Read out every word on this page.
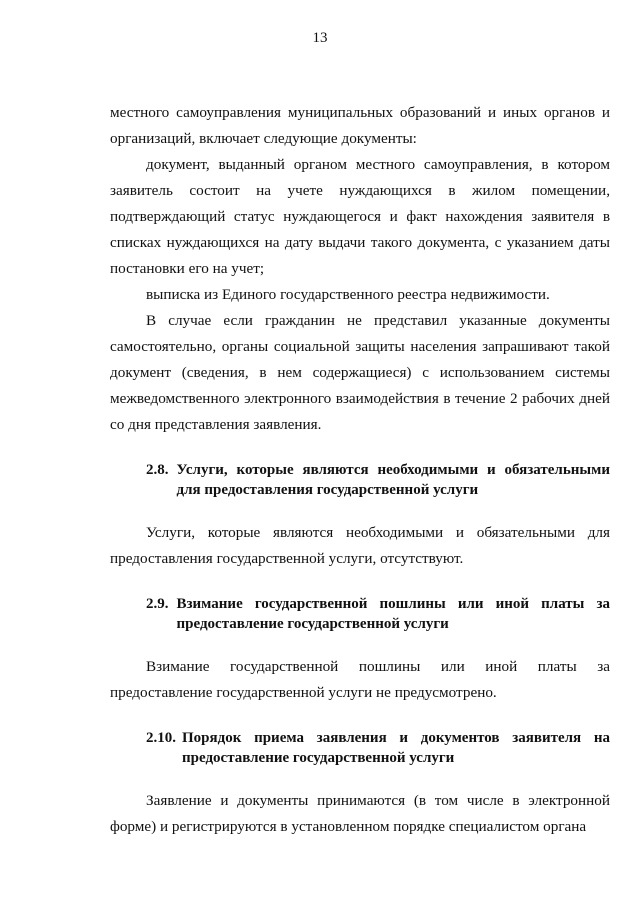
13

местного самоуправления муниципальных образований и иных органов и организаций, включает следующие документы:

документ, выданный органом местного самоуправления, в котором заявитель состоит на учете нуждающихся в жилом помещении, подтверждающий статус нуждающегося и факт нахождения заявителя в списках нуждающихся на дату выдачи такого документа, с указанием даты постановки его на учет;

выписка из Единого государственного реестра недвижимости.

В случае если гражданин не представил указанные документы самостоятельно, органы социальной защиты населения запрашивают такой документ (сведения, в нем содержащиеся) с использованием системы межведомственного электронного взаимодействия в течение 2 рабочих дней со дня представления заявления.

2.8. Услуги, которые являются необходимыми и обязательными для предоставления государственной услуги

Услуги, которые являются необходимыми и обязательными для предоставления государственной услуги, отсутствуют.

2.9. Взимание государственной пошлины или иной платы за предоставление государственной услуги

Взимание государственной пошлины или иной платы за предоставление государственной услуги не предусмотрено.

2.10. Порядок приема заявления и документов заявителя на предоставление государственной услуги

Заявление и документы принимаются (в том числе в электронной форме) и регистрируются в установленном порядке специалистом органа
